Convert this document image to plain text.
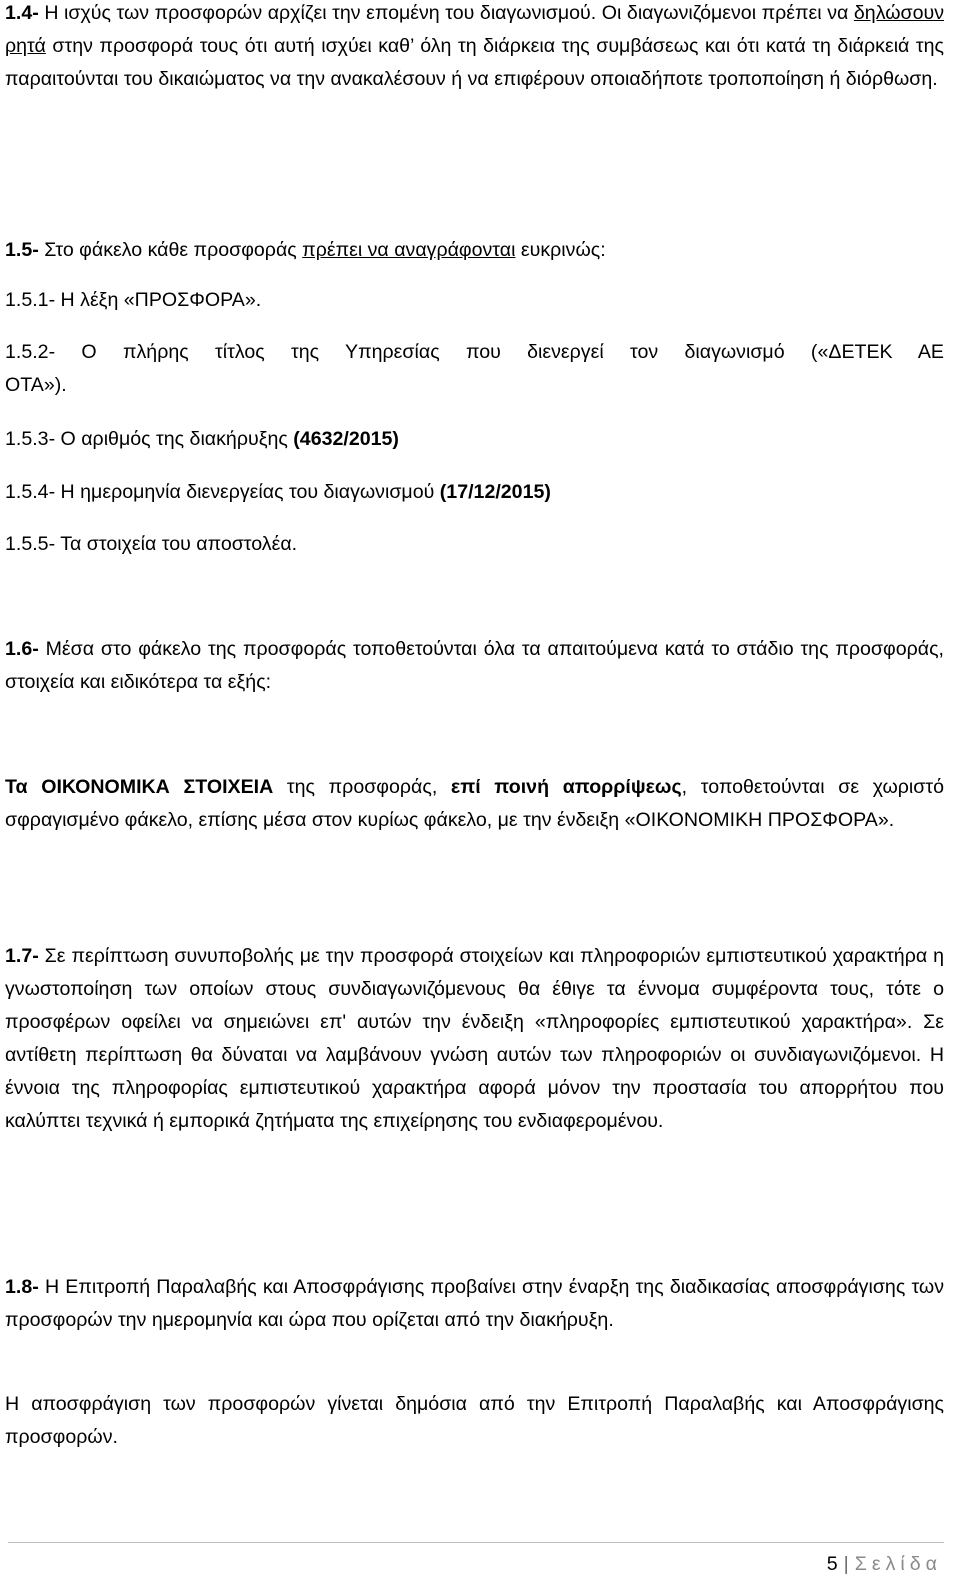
1.4- Η ισχύς των προσφορών αρχίζει την επομένη του διαγωνισμού. Οι διαγωνιζόμενοι πρέπει να δηλώσουν ρητά στην προσφορά τους ότι αυτή ισχύει καθ’ όλη τη διάρκεια της συμβάσεως και ότι κατά τη διάρκειά της παραιτούνται του δικαιώματος να την ανακαλέσουν ή να επιφέρουν οποιαδήποτε τροποποίηση ή διόρθωση.

1.5- Στο φάκελο κάθε προσφοράς πρέπει να αναγράφονται ευκρινώς:

1.5.1- Η λέξη «ΠΡΟΣΦΟΡΑ».

1.5.2- Ο πλήρης τίτλος της Υπηρεσίας που διενεργεί τον διαγωνισμό («ΔΕΤΕΚ ΑΕ

ΟΤΑ»).

1.5.3- Ο αριθμός της διακήρυξης (4632/2015)

1.5.4- Η ημερομηνία διενεργείας του διαγωνισμού (17/12/2015)

1.5.5- Τα στοιχεία του αποστολέα.

1.6- Μέσα στο φάκελο της προσφοράς τοποθετούνται όλα τα απαιτούμενα κατά το στάδιο της προσφοράς, στοιχεία και ειδικότερα τα εξής:

Τα ΟΙΚΟΝΟΜΙΚΑ ΣΤΟΙΧΕΙΑ της προσφοράς, επί ποινή απορρίψεως, τοποθετούνται σε χωριστό σφραγισμένο φάκελο, επίσης μέσα στον κυρίως φάκελο, με την ένδειξη «ΟΙΚΟΝΟΜΙΚΗ ΠΡΟΣΦΟΡΑ».

1.7- Σε περίπτωση συνυποβολής με την προσφορά στοιχείων και πληροφοριών εμπιστευτικού χαρακτήρα η γνωστοποίηση των οποίων στους συνδιαγωνιζόμενους θα έθιγε τα έννομα συμφέροντα τους, τότε ο προσφέρων οφείλει να σημειώνει επ' αυτών την ένδειξη «πληροφορίες εμπιστευτικού χαρακτήρα». Σε αντίθετη περίπτωση θα δύναται να λαμβάνουν γνώση αυτών των πληροφοριών οι συνδιαγωνιζόμενοι. Η έννοια της πληροφορίας εμπιστευτικού χαρακτήρα αφορά μόνον την προστασία του απορρήτου που καλύπτει τεχνικά ή εμπορικά ζητήματα της επιχείρησης του ενδιαφερομένου.

1.8- Η Επιτροπή Παραλαβής και Αποσφράγισης προβαίνει στην έναρξη της διαδικασίας αποσφράγισης των προσφορών την ημερομηνία και ώρα που ορίζεται από την διακήρυξη.

Η αποσφράγιση των προσφορών γίνεται δημόσια από την Επιτροπή Παραλαβής και Αποσφράγισης προσφορών.

5 | Σελίδα
